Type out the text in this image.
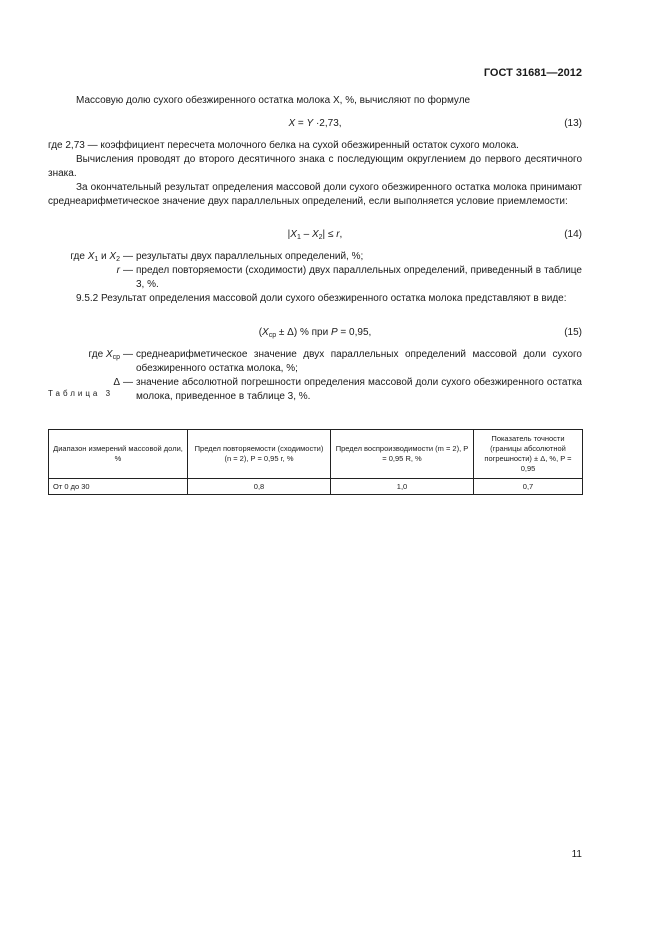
ГОСТ 31681—2012
Массовую долю сухого обезжиренного остатка молока X, %, вычисляют по формуле
X = Y ·2,73,	(13)
где 2,73 — коэффициент пересчета молочного белка на сухой обезжиренный остаток сухого молока.
Вычисления проводят до второго десятичного знака с последующим округлением до первого десятичного знака.
За окончательный результат определения массовой доли сухого обезжиренного остатка молока принимают среднеарифметическое значение двух параллельных определений, если выполняется условие приемлемости:
$|X_1 - X_2| \le r$,	(14)
где $X_1$ и $X_2$ — результаты двух параллельных определений, %;
r — предел повторяемости (сходимости) двух параллельных определений, приведенный в таблице 3, %.
9.5.2 Результат определения массовой доли сухого обезжиренного остатка молока представляют в виде:
$(X_{ср} \pm \Delta)$ % при P = 0,95,	(15)
где $X_{ср}$ — среднеарифметическое значение двух параллельных определений массовой доли сухого обезжиренного остатка молока, %;
Δ — значение абсолютной погрешности определения массовой доли сухого обезжиренного остатка молока, приведенное в таблице 3, %.
Таблица 3
Диапазон измерений массовой доли, %	Предел повторяемости (сходимости) (n = 2), P = 0,95 r, %	Предел воспроизводимости (m = 2), P = 0,95 R, %	Показатель точности (границы абсолютной погрешности) ± Δ, %, P = 0,95
От 0 до 30	0,8	1,0	0,7
11
